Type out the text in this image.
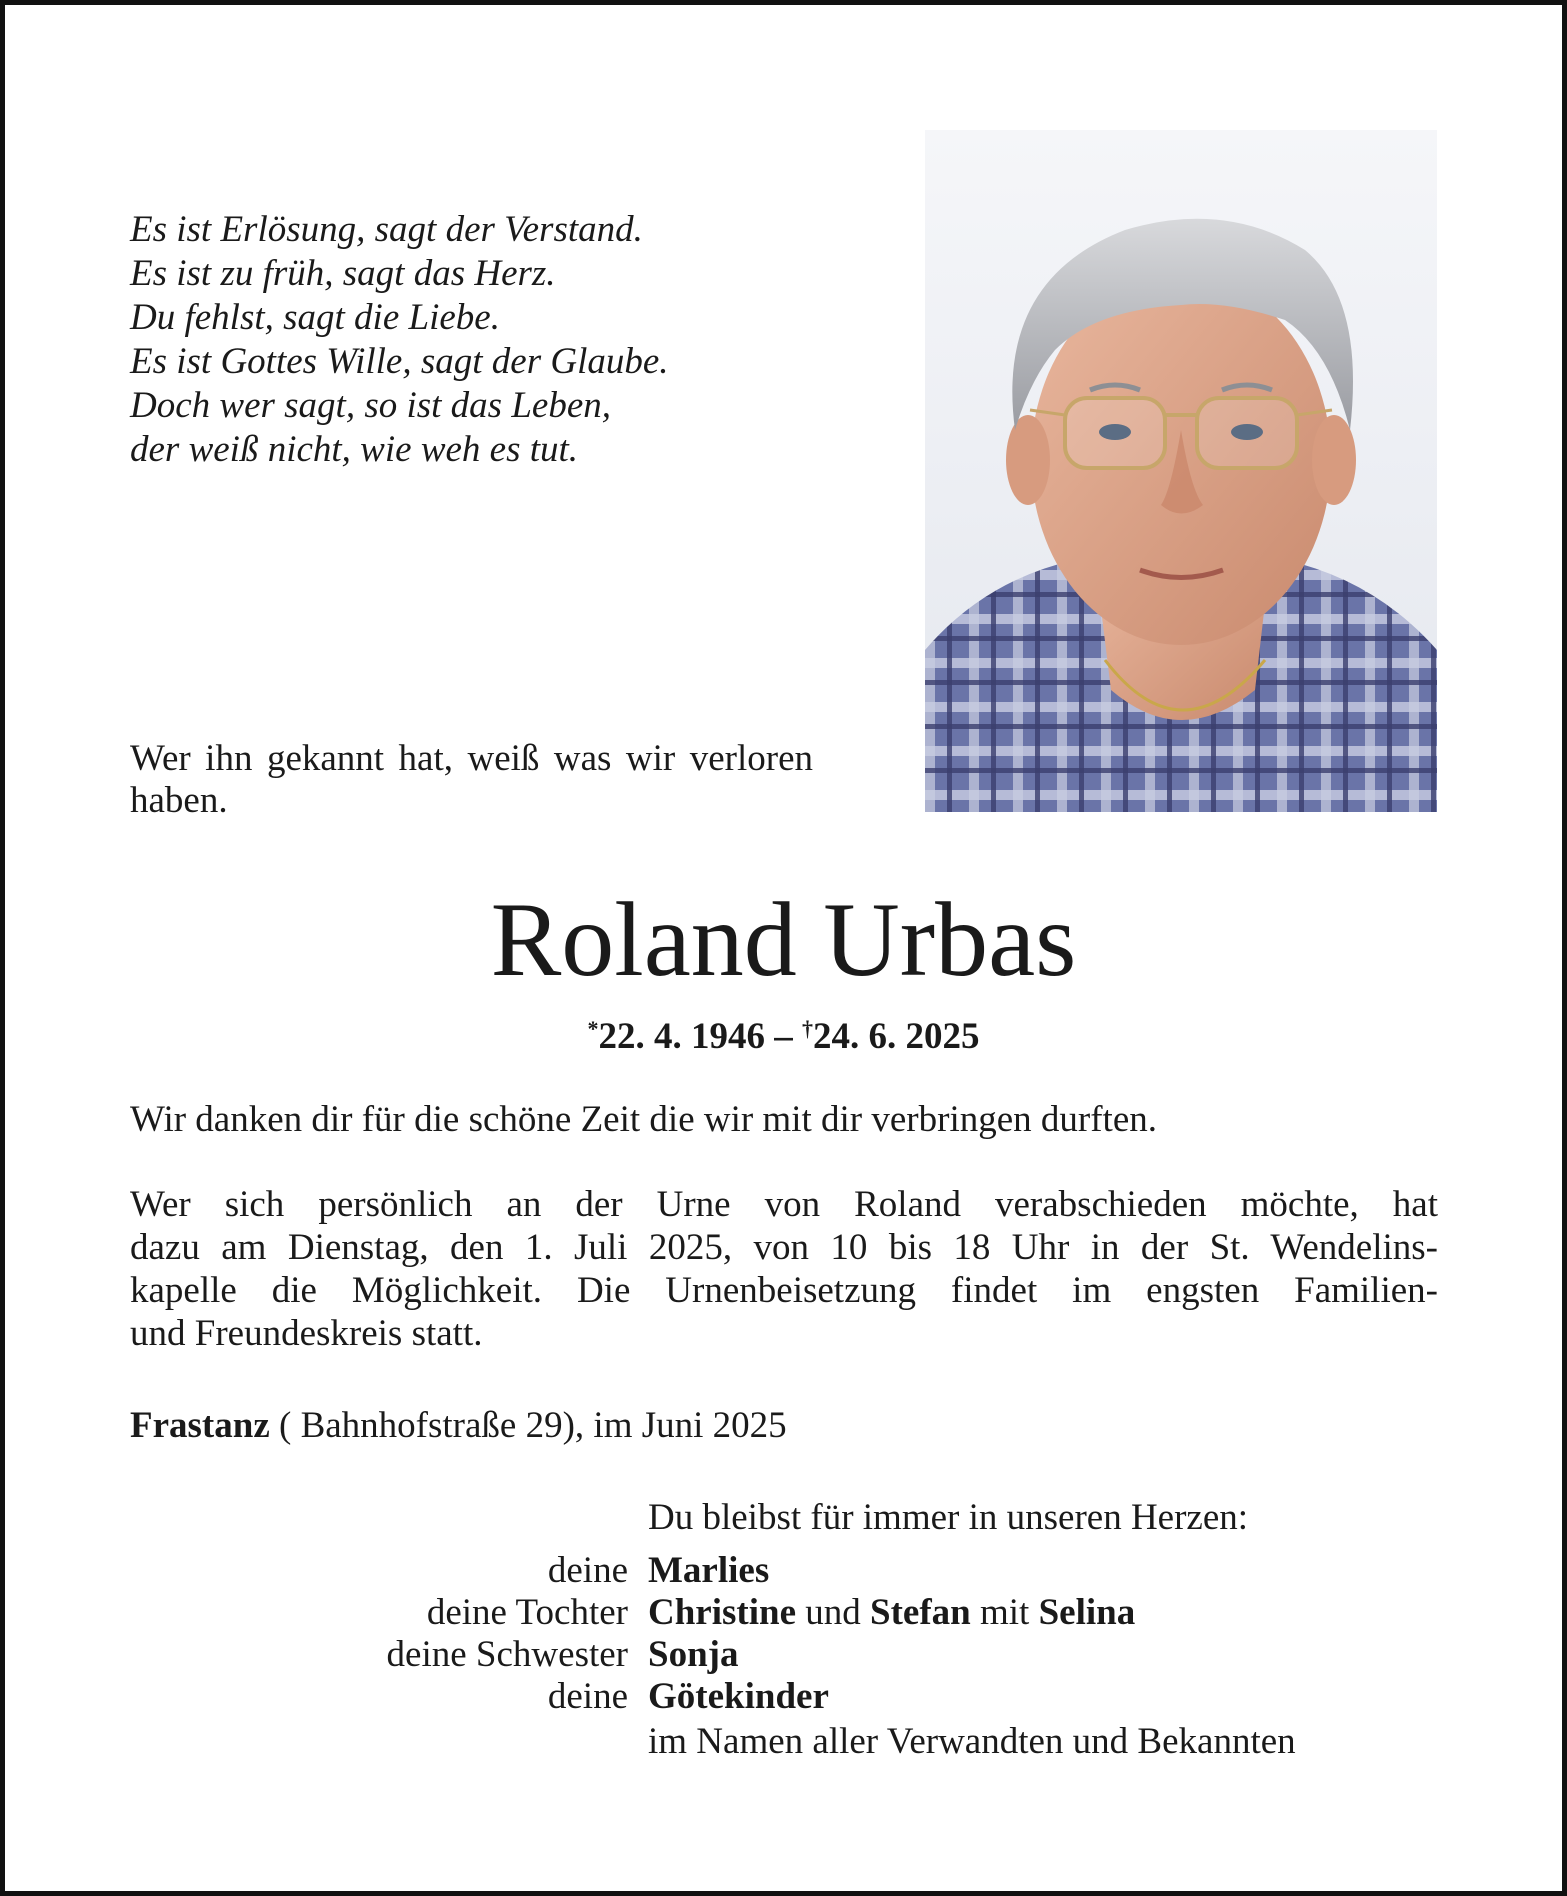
Es ist Erlösung, sagt der Verstand.
Es ist zu früh, sagt das Herz.
Du fehlst, sagt die Liebe.
Es ist Gottes Wille, sagt der Glaube.
Doch wer sagt, so ist das Leben,
der weiß nicht, wie weh es tut.
Wer ihn gekannt hat, weiß was wir verloren haben.
Roland Urbas
*22. 4. 1946 – †24. 6. 2025
Wir danken dir für die schöne Zeit die wir mit dir verbringen durften.
Wer sich persönlich an der Urne von Roland verabschieden möchte, hat
dazu am Dienstag, den 1. Juli 2025, von 10 bis 18 Uhr in der St. Wendelins-
kapelle die Möglichkeit. Die Urnenbeisetzung findet im engsten Familien-
und Freundeskreis statt.
Frastanz ( Bahnhofstraße 29), im Juni 2025
Du bleibst für immer in unseren Herzen:
deine Marlies
deine Tochter Christine und Stefan mit Selina
deine Schwester Sonja
deine Götekinder
im Namen aller Verwandten und Bekannten
